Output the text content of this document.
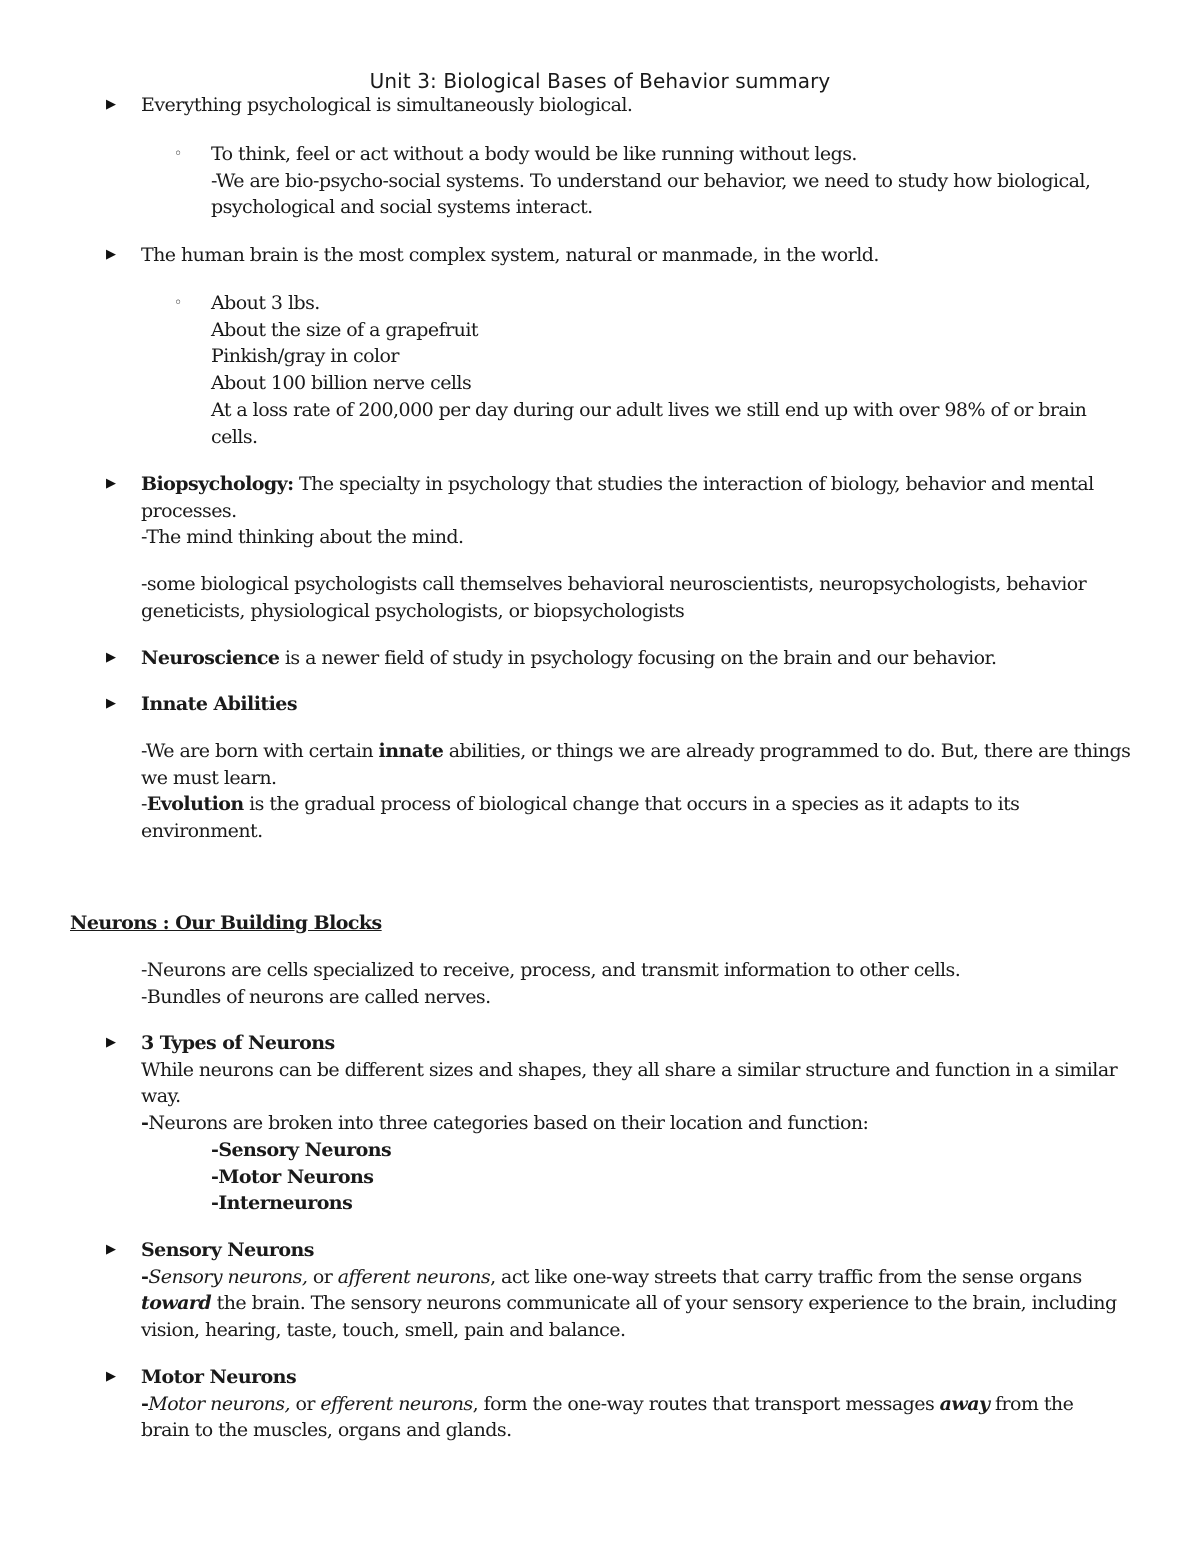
Unit 3: Biological Bases of Behavior summary
▶ Everything psychological is simultaneously biological.
◦ To think, feel or act without a body would be like running without legs.
-We are bio-psycho-social systems. To understand our behavior, we need to study how biological,
psychological and social systems interact.
▶ The human brain is the most complex system, natural or manmade, in the world.
◦ About 3 lbs.
About the size of a grapefruit
Pinkish/gray in color
About 100 billion nerve cells
At a loss rate of 200,000 per day during our adult lives we still end up with over 98% of or brain
cells.
▶ Biopsychology: The specialty in psychology that studies the interaction of biology, behavior and mental
processes.
-The mind thinking about the mind.
-some biological psychologists call themselves behavioral neuroscientists, neuropsychologists, behavior
geneticists, physiological psychologists, or biopsychologists
▶ Neuroscience is a newer field of study in psychology focusing on the brain and our behavior.
▶ Innate Abilities
-We are born with certain innate abilities, or things we are already programmed to do. But, there are things
we must learn.
-Evolution is the gradual process of biological change that occurs in a species as it adapts to its
environment.
Neurons : Our Building Blocks
-Neurons are cells specialized to receive, process, and transmit information to other cells.
-Bundles of neurons are called nerves.
▶ 3 Types of Neurons
While neurons can be different sizes and shapes, they all share a similar structure and function in a similar
way.
-Neurons are broken into three categories based on their location and function:
-Sensory Neurons
-Motor Neurons
-Interneurons
▶ Sensory Neurons
-Sensory neurons, or afferent neurons, act like one-way streets that carry traffic from the sense organs
toward the brain. The sensory neurons communicate all of your sensory experience to the brain, including
vision, hearing, taste, touch, smell, pain and balance.
▶ Motor Neurons
-Motor neurons, or efferent neurons, form the one-way routes that transport messages away from the
brain to the muscles, organs and glands.
